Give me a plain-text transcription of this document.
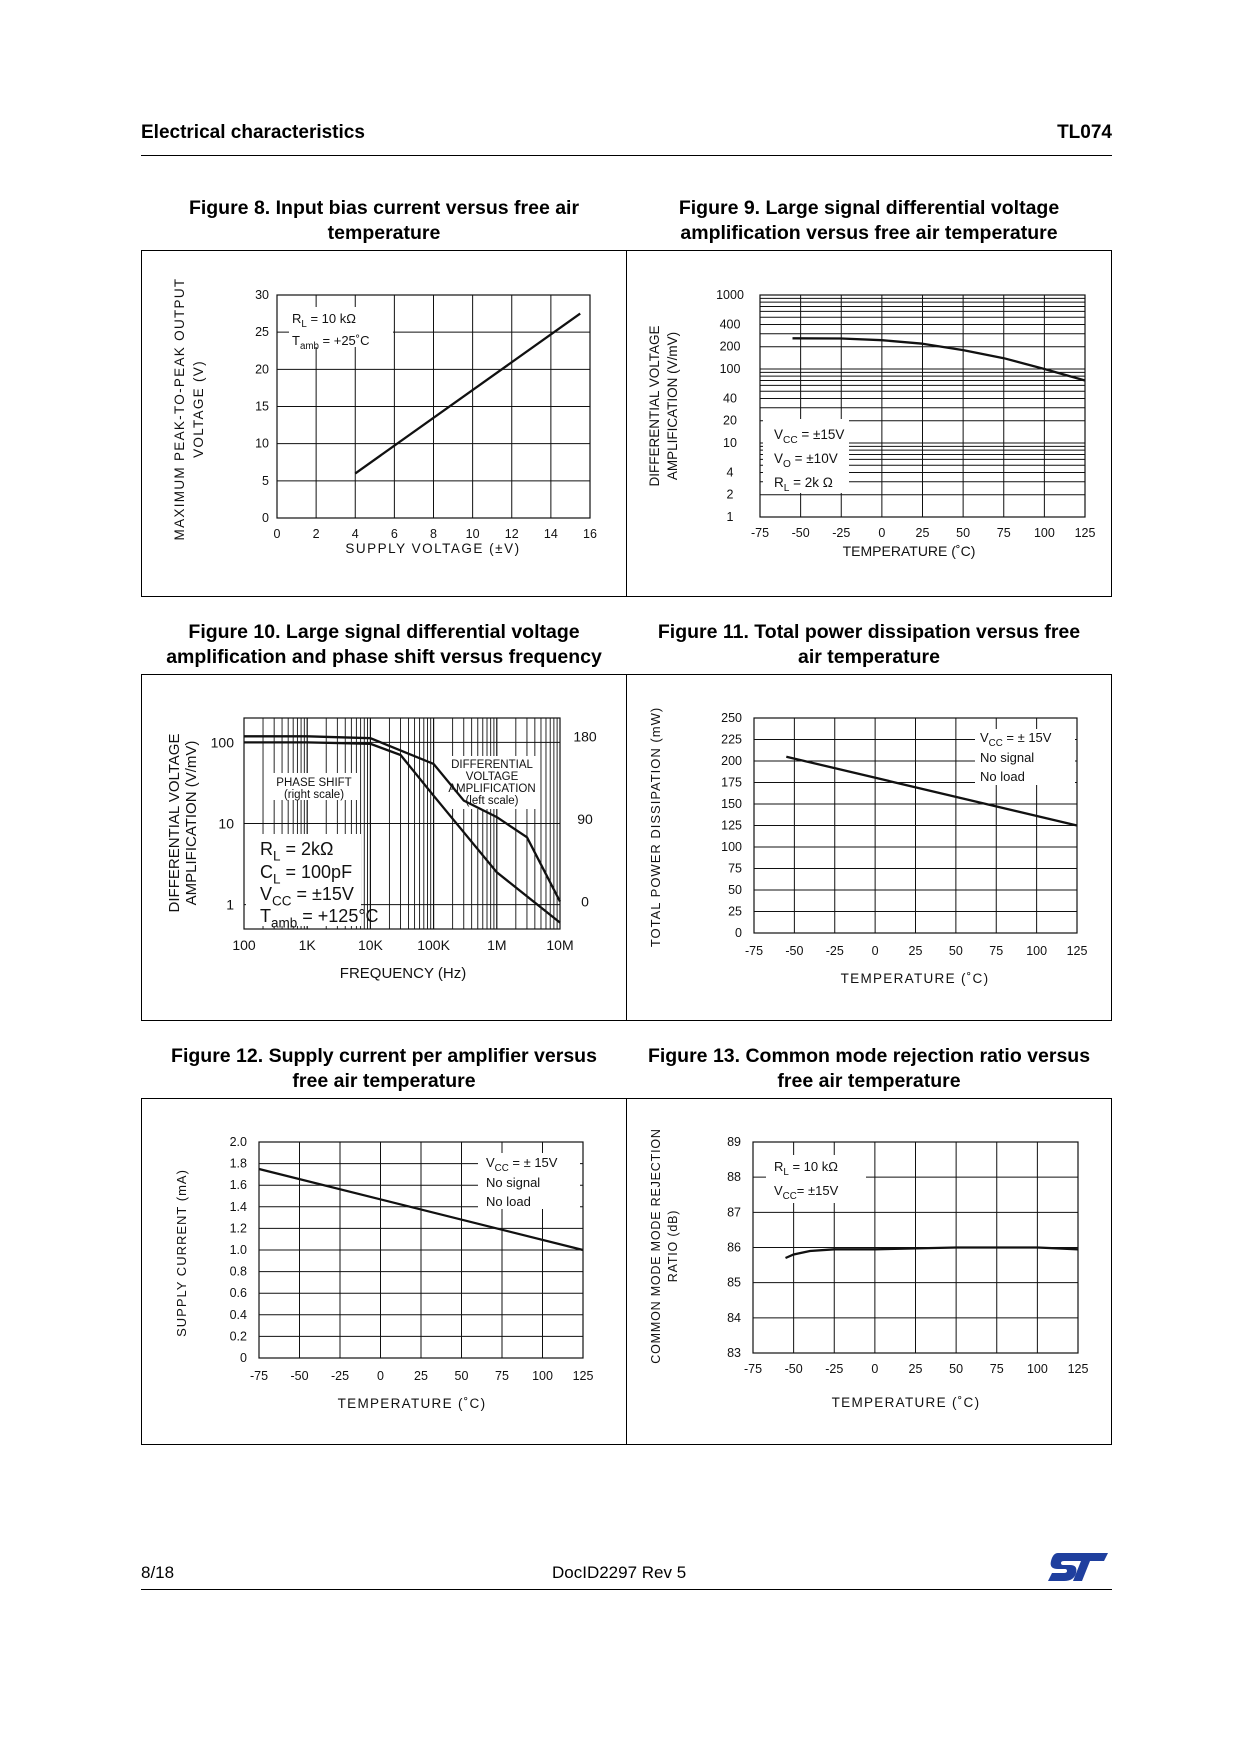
Electrical characteristics	TL074
Figure 8. Input bias current versus free air
temperature
Figure 9. Large signal differential voltage
amplification versus free air temperature
Figure 10. Large signal differential voltage
amplification and phase shift versus frequency
Figure 11. Total power dissipation versus free
air temperature
Figure 12. Supply current per amplifier versus
free air temperature
Figure 13. Common mode rejection ratio versus
free air temperature
0	2	4	6	8 10 12 14 16
0
5
10
15
20
25
30
$R_L = 10$ kΩ
$T_{amb}$ = +25˚C
SUPPLY VOLTAGE (±V)
MAXIMUM PEAK-TO-PEAK OUTPUT VOLTAGE (V)
-75 -50 -25 0 25 50 75 100 125
1
2
4
10
20
40
100
200
400
1000
$V_{CC} = \pm 15V$
$V_O = \pm 10V$
$R_L = 2k$ Ω
TEMPERATURE (˚C)
DIFFERENTIAL VOLTAGE AMPLIFICATION (V/mV)
100	1K	10K 100K	1M	10M
1
10
100
0
90
180
PHASE SHIFT
(right scale)
DIFFERENTIAL
VOLTAGE
AMPLIFICATION
(left scale)
$R_L = 2k\Omega$
$C_L = 100pF$
$V_{CC} = \pm 15V$
$T_{amb} = +125^\circ C$
FREQUENCY (Hz)
DIFFERENTIAL VOLTAGE AMPLIFICATION (V/mV)
-75 -50 -25 0 25 50 75 100 125
0
25
50
75
100
125
150
175
200
225
250
$V_{CC}$ = ± 15V
No signal
No load
TEMPERATURE (˚C)
TOTAL POWER DISSIPATION (mW)
-75 -50 -25 0 25 50 75 100 125
0
0.2
0.4
0.6
0.8
1.0
1.2
1.4
1.6
1.8
2.0
$V_{CC}$ = ± 15V
No signal
No load
TEMPERATURE (˚C)
SUPPLY CURRENT (mA)
-75 -50 -25 0 25 50 75 100 125
83
84
85
86
87
88
89
$R_L = 10$ kΩ
$V_{CC}= \pm 15V$
TEMPERATURE (˚C)
COMMON MODE MODE REJECTION RATIO (dB)
8/18	DocID2297 Rev 5
